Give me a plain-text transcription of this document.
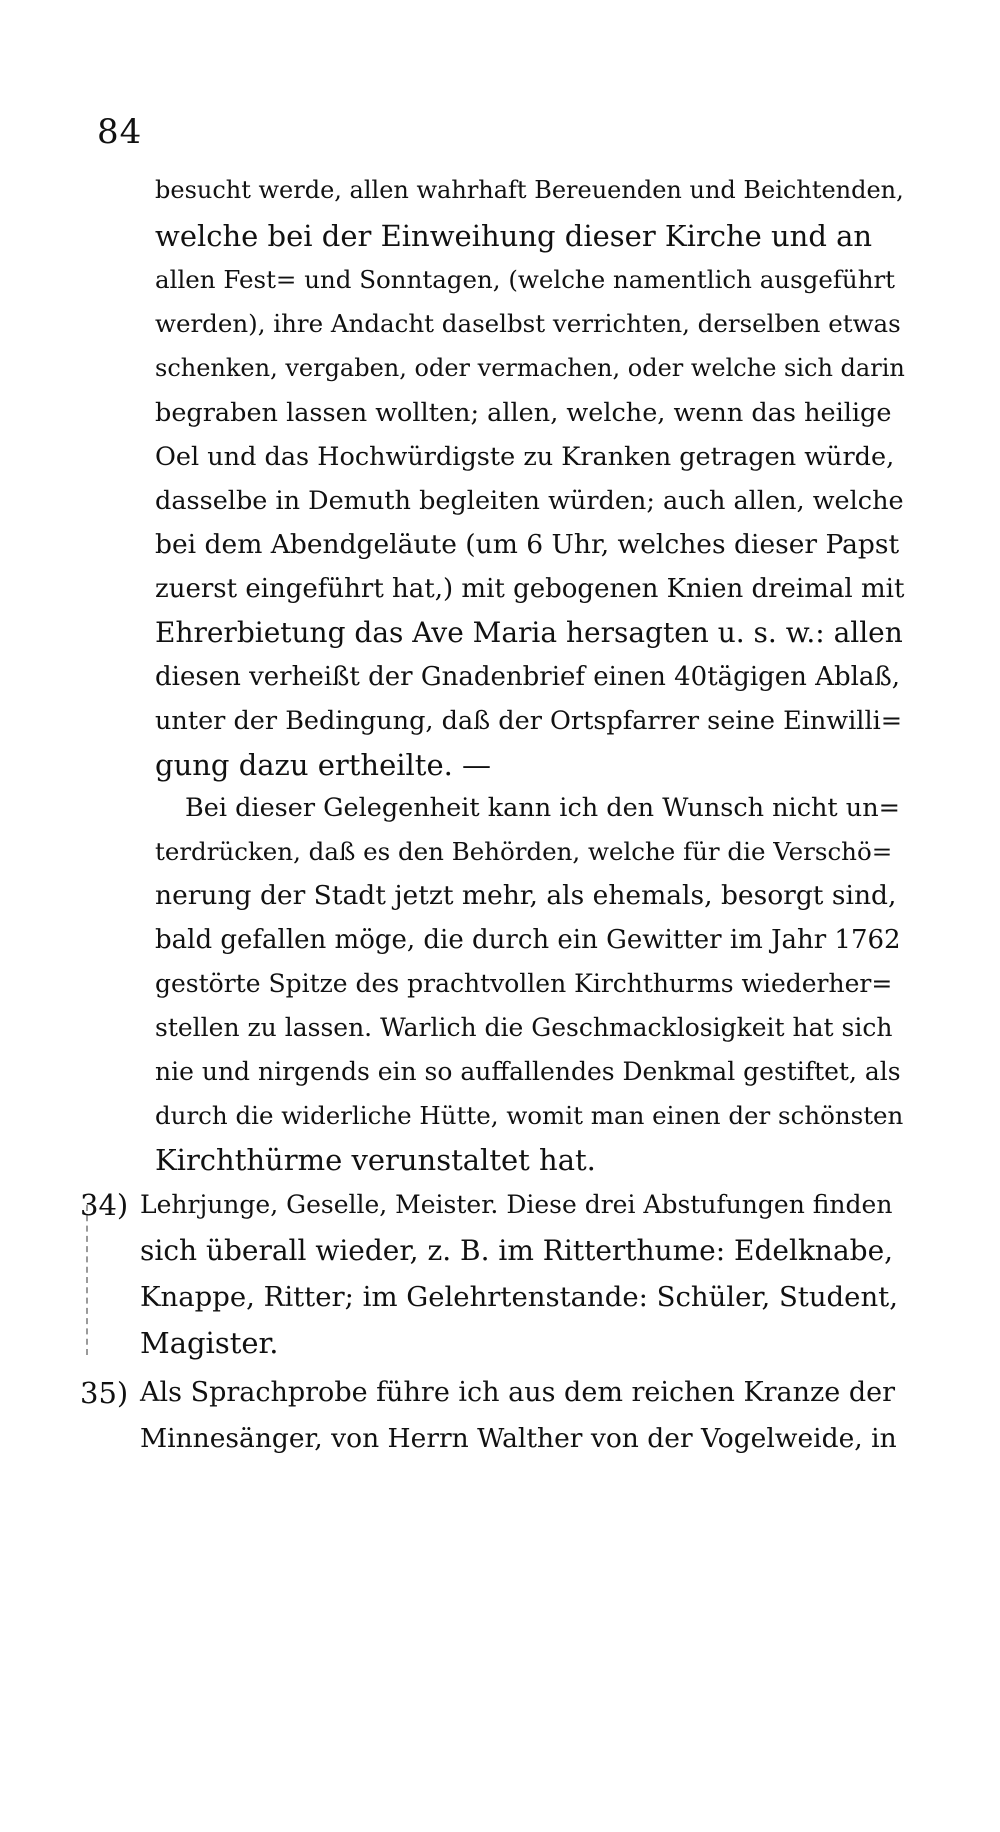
84
besucht werde, allen wahrhaft Bereuenden und Beichtenden,
welche bei der Einweihung dieser Kirche und an
allen Fest= und Sonntagen, (welche namentlich ausgeführt
werden), ihre Andacht daselbst verrichten, derselben etwas
schenken, vergaben, oder vermachen, oder welche sich darin
begraben lassen wollten; allen, welche, wenn das heilige
Oel und das Hochwürdigste zu Kranken getragen würde,
dasselbe in Demuth begleiten würden; auch allen, welche
bei dem Abendgeläute (um 6 Uhr, welches dieser Papst
zuerst eingeführt hat,) mit gebogenen Knien dreimal mit
Ehrerbietung das Ave Maria hersagten u. s. w.: allen
diesen verheißt der Gnadenbrief einen 40tägigen Ablaß,
unter der Bedingung, daß der Ortspfarrer seine Einwilli=
gung dazu ertheilte. —
Bei dieser Gelegenheit kann ich den Wunsch nicht un=
terdrücken, daß es den Behörden, welche für die Verschö=
nerung der Stadt jetzt mehr, als ehemals, besorgt sind,
bald gefallen möge, die durch ein Gewitter im Jahr 1762
gestörte Spitze des prachtvollen Kirchthurms wiederher=
stellen zu lassen. Warlich die Geschmacklosigkeit hat sich
nie und nirgends ein so auffallendes Denkmal gestiftet, als
durch die widerliche Hütte, womit man einen der schönsten
Kirchthürme verunstaltet hat.
34) Lehrjunge, Geselle, Meister. Diese drei Abstufungen finden
sich überall wieder, z. B. im Ritterthume: Edelknabe,
Knappe, Ritter; im Gelehrtenstande: Schüler, Student,
Magister.
35) Als Sprachprobe führe ich aus dem reichen Kranze der
Minnesänger, von Herrn Walther von der Vogelweide, in
